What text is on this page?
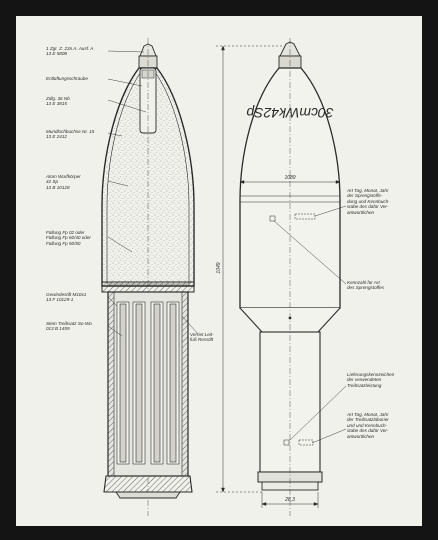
30cmWk42Sp
1089
1049
28,3
1 Zgr. Z. 23n.A. Ausf. A
13 E 5808
Entlüftungsschraube
Zdlg. 36 Nb
13 E 3815
Mundlochbuchse Nr. 15
13 E 2412
Atom Wurfkörper
42 Sp
13 B 10128
Füllung Fp 02 oder
Füllung Fp 60/40 oder
Füllung Fp 50/50
Gewindestift M10x1
13 F 10129-1
Stem Treibsatz So-Wo
013 B 1459
Verriet Leit-
fuß Resstift
Art Tag, Monat, Jahr
der Sprengstoffe-
dung und Kennbuch-
stabe des dafür Ver-
antwortlichen
Kennzahl für Art
des Sprengstoffes
Lieferungskennzeichen
der verwendeten
Treibsatzleistung
Art Tag, Monat, Jahr
der Treibsatzlaborier
und und Kennbuch-
stabe des dafür Ver-
antwortlichen
